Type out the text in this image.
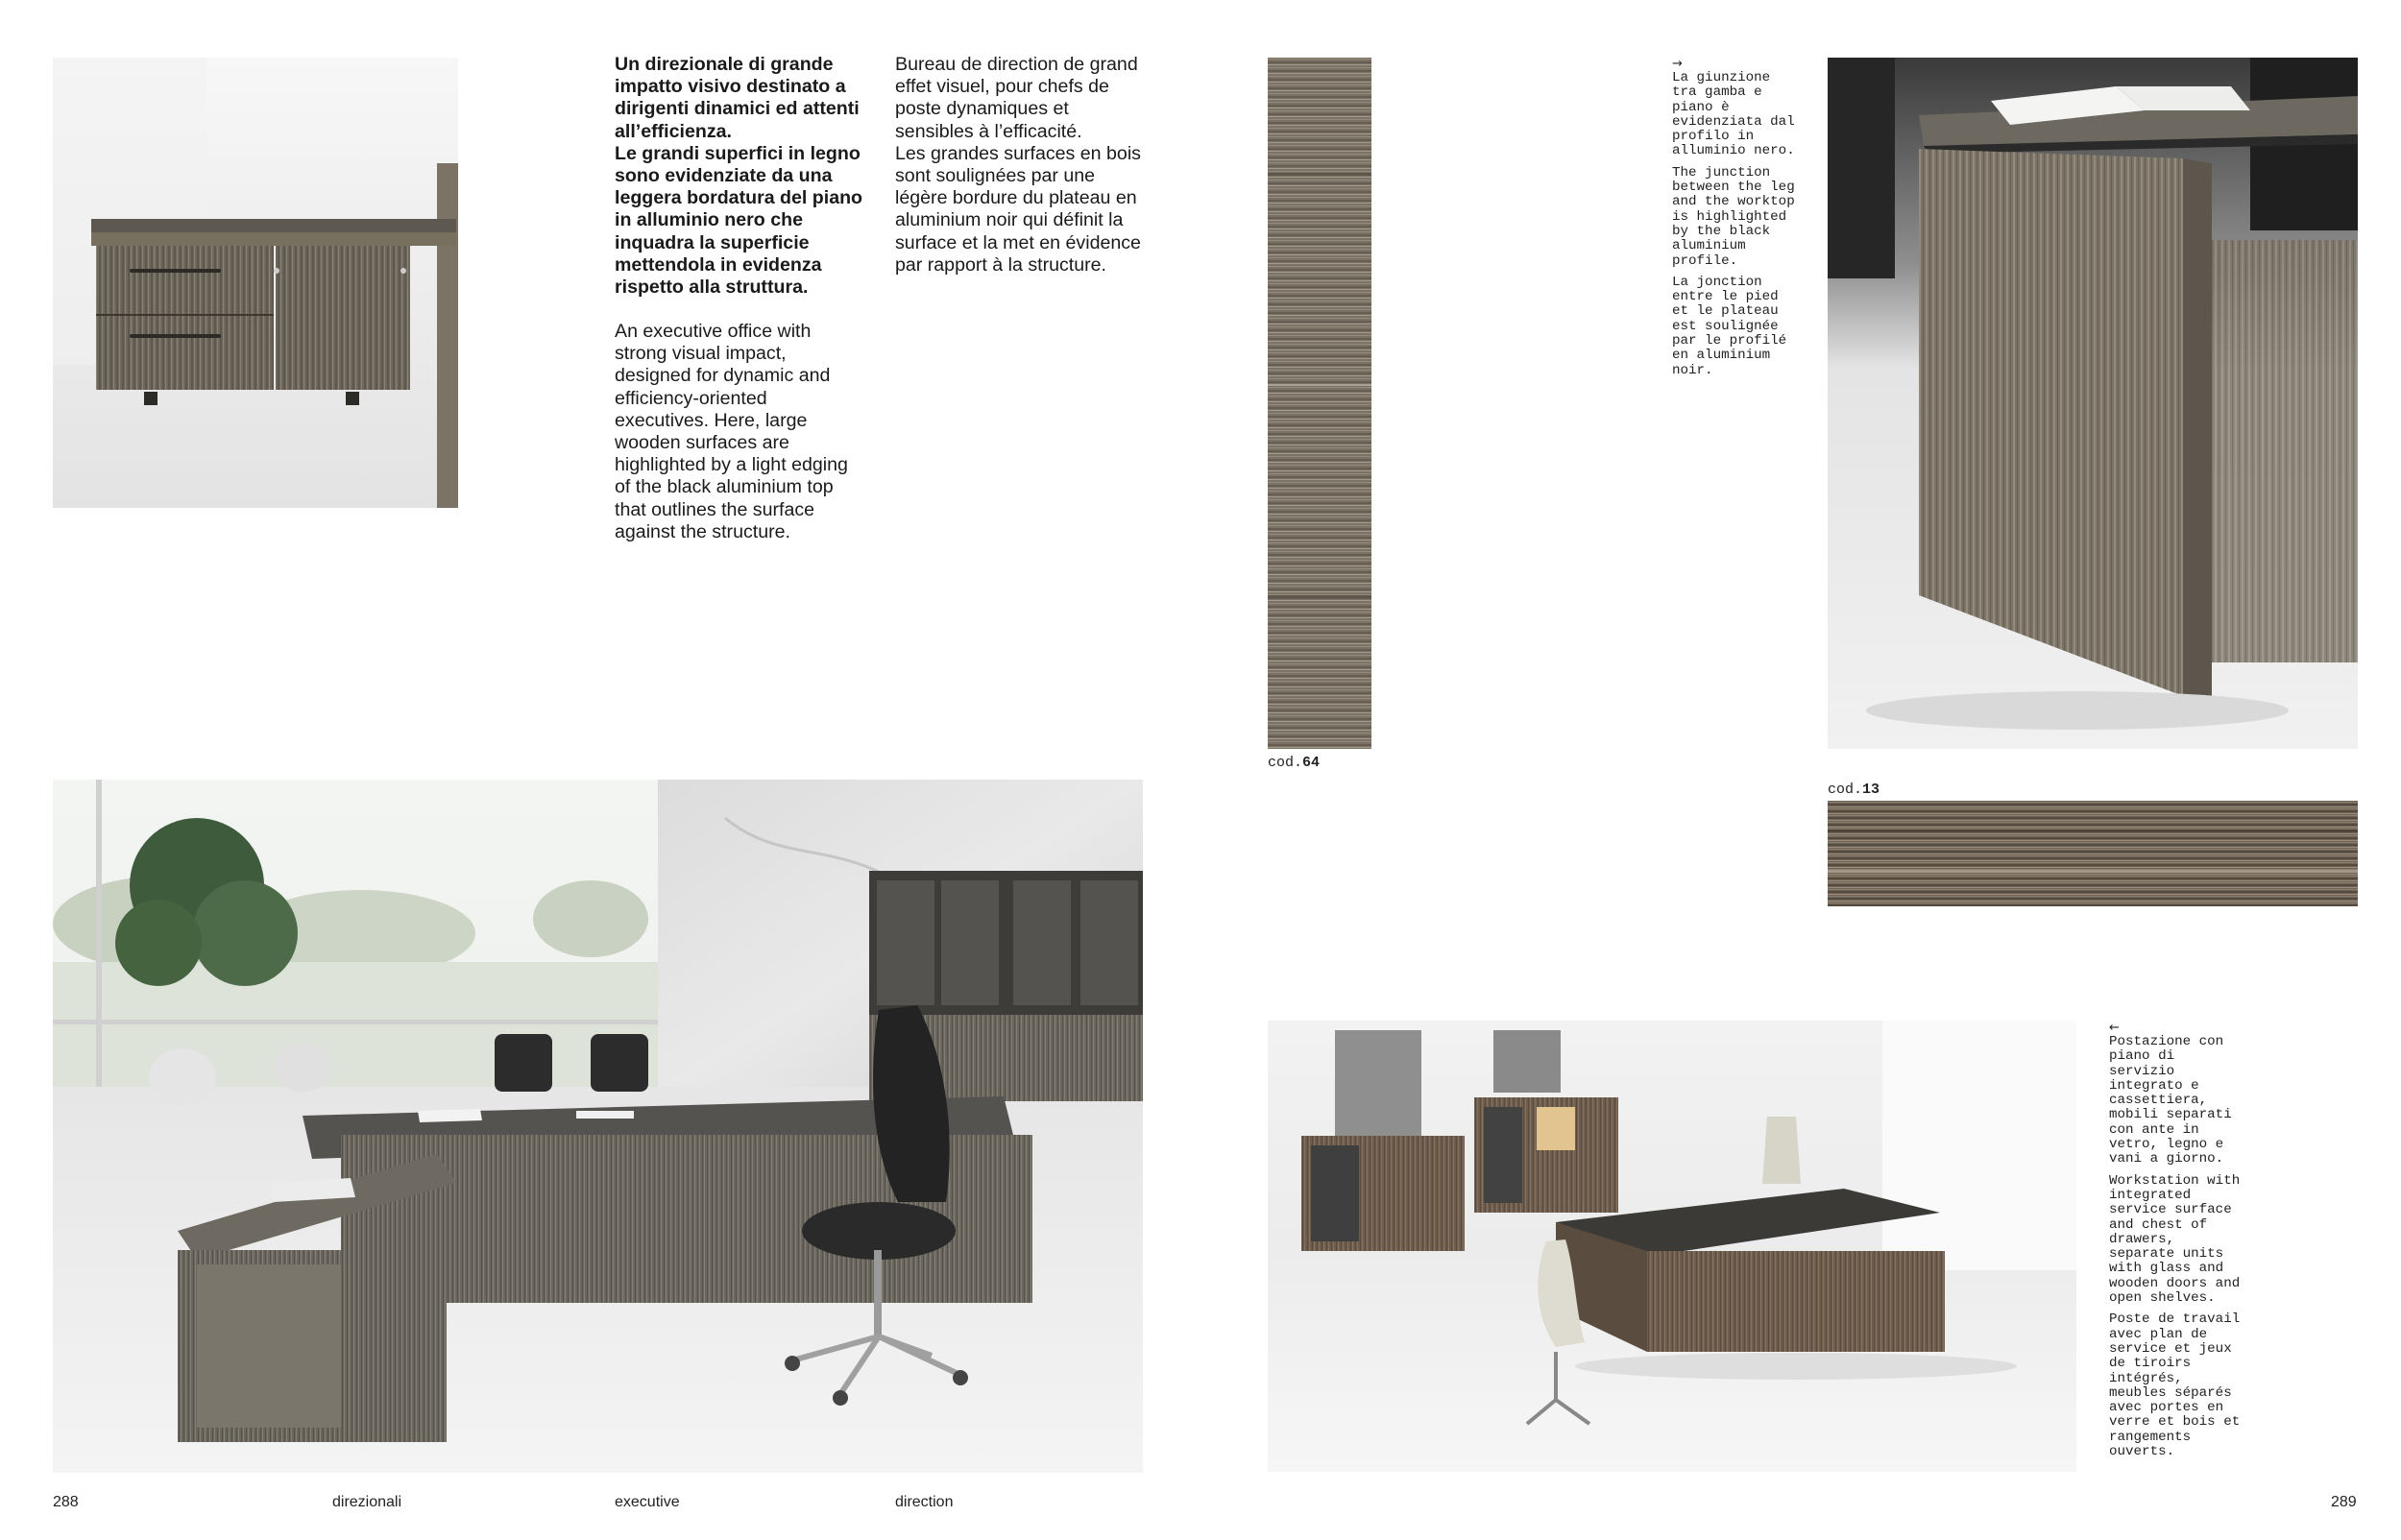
Un direzionale di grande impatto visivo destinato a dirigenti dinamici ed attenti all’efficienza.

Le grandi superfici in legno sono evidenziate da una leggera bordatura del piano in alluminio nero che inquadra la superficie mettendola in evidenza rispetto alla struttura.

An executive office with strong visual impact, designed for dynamic and efficiency-oriented executives. Here, large wooden surfaces are highlighted by a light edging of the black aluminium top that outlines the surface against the structure.

Bureau de direction de grand effet visuel, pour chefs de poste dynamiques et sensibles à l’efficacité.

Les grandes surfaces en bois sont soulignées par une légère bordure du plateau en aluminium noir qui définit la surface et la met en évidence par rapport à la structure.

cod.64
→

La giunzione tra gamba e piano è evidenziata dal profilo in alluminio nero.

The junction between the leg and the worktop is highlighted by the black aluminium profile.

La jonction entre le pied et le plateau est soulignée par le profilé en aluminium noir.

cod.13
←

Postazione con piano di servizio integrato e cassettiera, mobili separati con ante in vetro, legno e vani a giorno.

Workstation with integrated service surface and chest of drawers, separate units with glass and wooden doors and open shelves.

Poste de travail avec plan de service et jeux de tiroirs intégrés, meubles séparés avec portes en verre et bois et rangements ouverts.

288	direzionali	executive	direction	289
